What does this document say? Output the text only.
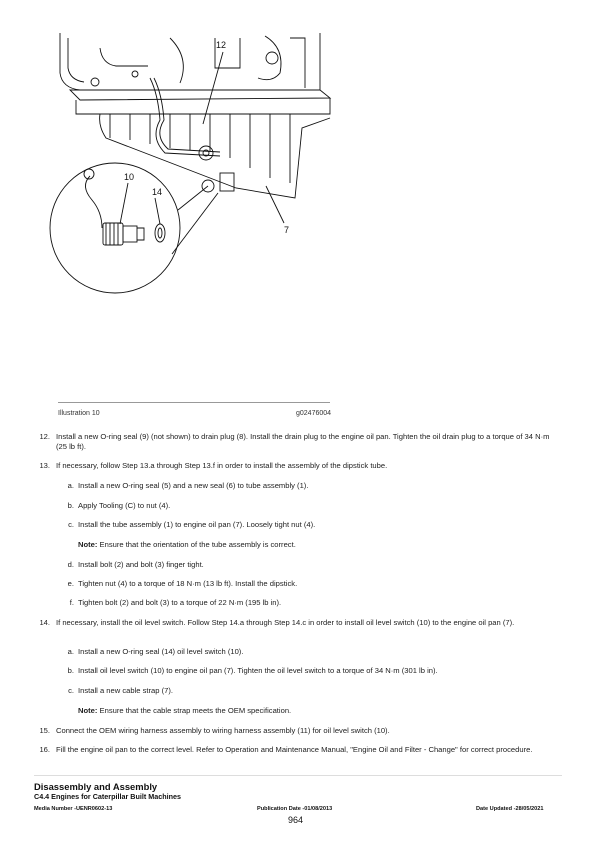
12
10
14
7
Illustration 10	g02476004
12. Install a new O-ring seal (9) (not shown) to drain plug (8). Install the drain plug to the engine oil pan. Tighten the oil drain plug to a torque of 34 N·m (25 lb ft).
13. If necessary, follow Step 13.a through Step 13.f in order to install the assembly of the dipstick tube.
a. Install a new O-ring seal (5) and a new seal (6) to tube assembly (1).
b. Apply Tooling (C) to nut (4).
c. Install the tube assembly (1) to engine oil pan (7). Loosely tight nut (4).
Note: Ensure that the orientation of the tube assembly is correct.
d. Install bolt (2) and bolt (3) finger tight.
e. Tighten nut (4) to a torque of 18 N·m (13 lb ft). Install the dipstick.
f. Tighten bolt (2) and bolt (3) to a torque of 22 N·m (195 lb in).
14. If necessary, install the oil level switch. Follow Step 14.a through Step 14.c in order to install oil level switch (10) to the engine oil pan (7).
a. Install a new O-ring seal (14) oil level switch (10).
b. Install oil level switch (10) to engine oil pan (7). Tighten the oil level switch to a torque of 34 N·m (301 lb in).
c. Install a new cable strap (7).
Note: Ensure that the cable strap meets the OEM specification.
15. Connect the OEM wiring harness assembly to wiring harness assembly (11) for oil level switch (10).
16. Fill the engine oil pan to the correct level. Refer to Operation and Maintenance Manual, "Engine Oil and Filter - Change" for correct procedure.
Disassembly and Assembly
C4.4 Engines for Caterpillar Built Machines
Media Number -UENR0602-13	Publication Date -01/08/2013	Date Updated -28/05/2021
964
